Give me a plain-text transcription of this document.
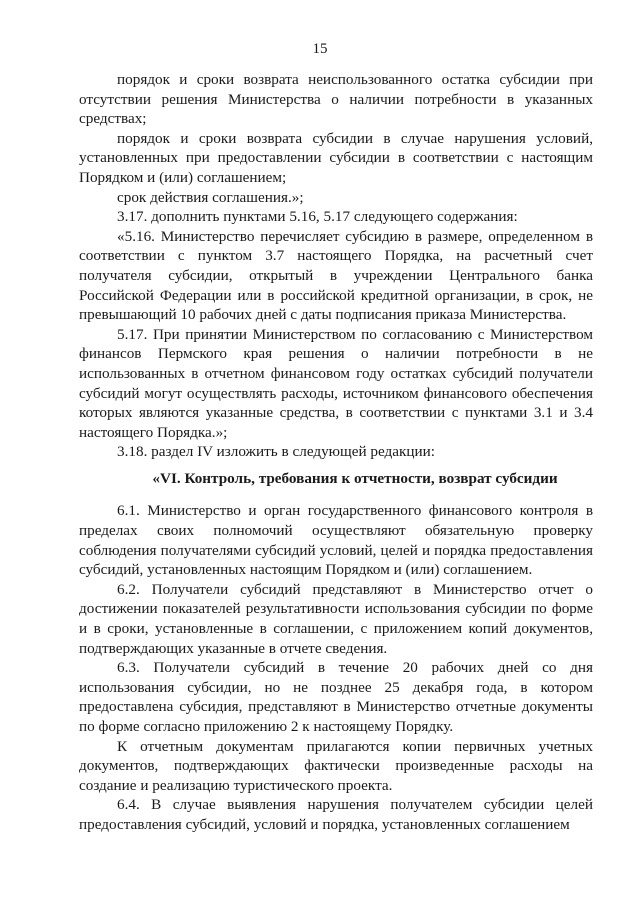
15

порядок и сроки возврата неиспользованного остатка субсидии при отсутствии решения Министерства о наличии потребности в указанных средствах;

порядок и сроки возврата субсидии в случае нарушения условий, установленных при предоставлении субсидии в соответствии с настоящим Порядком и (или) соглашением;

срок действия соглашения.»;

3.17. дополнить пунктами 5.16, 5.17 следующего содержания:

«5.16. Министерство перечисляет субсидию в размере, определенном в соответствии с пунктом 3.7 настоящего Порядка, на расчетный счет получателя субсидии, открытый в учреждении Центрального банка Российской Федерации или в российской кредитной организации, в срок, не превышающий 10 рабочих дней с даты подписания приказа Министерства.

5.17. При принятии Министерством по согласованию с Министерством финансов Пермского края решения о наличии потребности в не использованных в отчетном финансовом году остатках субсидий получатели субсидий могут осуществлять расходы, источником финансового обеспечения которых являются указанные средства, в соответствии с пунктами 3.1 и 3.4 настоящего Порядка.»;

3.18. раздел IV изложить в следующей редакции:

«VI. Контроль, требования к отчетности, возврат субсидии

6.1. Министерство и орган государственного финансового контроля в пределах своих полномочий осуществляют обязательную проверку соблюдения получателями субсидий условий, целей и порядка предоставления субсидий, установленных настоящим Порядком и (или) соглашением.

6.2. Получатели субсидий представляют в Министерство отчет о достижении показателей результативности использования субсидии по форме и в сроки, установленные в соглашении, с приложением копий документов, подтверждающих указанные в отчете сведения.

6.3. Получатели субсидий в течение 20 рабочих дней со дня использования субсидии, но не позднее 25 декабря года, в котором предоставлена субсидия, представляют в Министерство отчетные документы по форме согласно приложению 2 к настоящему Порядку.

К отчетным документам прилагаются копии первичных учетных документов, подтверждающих фактически произведенные расходы на создание и реализацию туристического проекта.

6.4. В случае выявления нарушения получателем субсидии целей предоставления субсидий, условий и порядка, установленных соглашением
